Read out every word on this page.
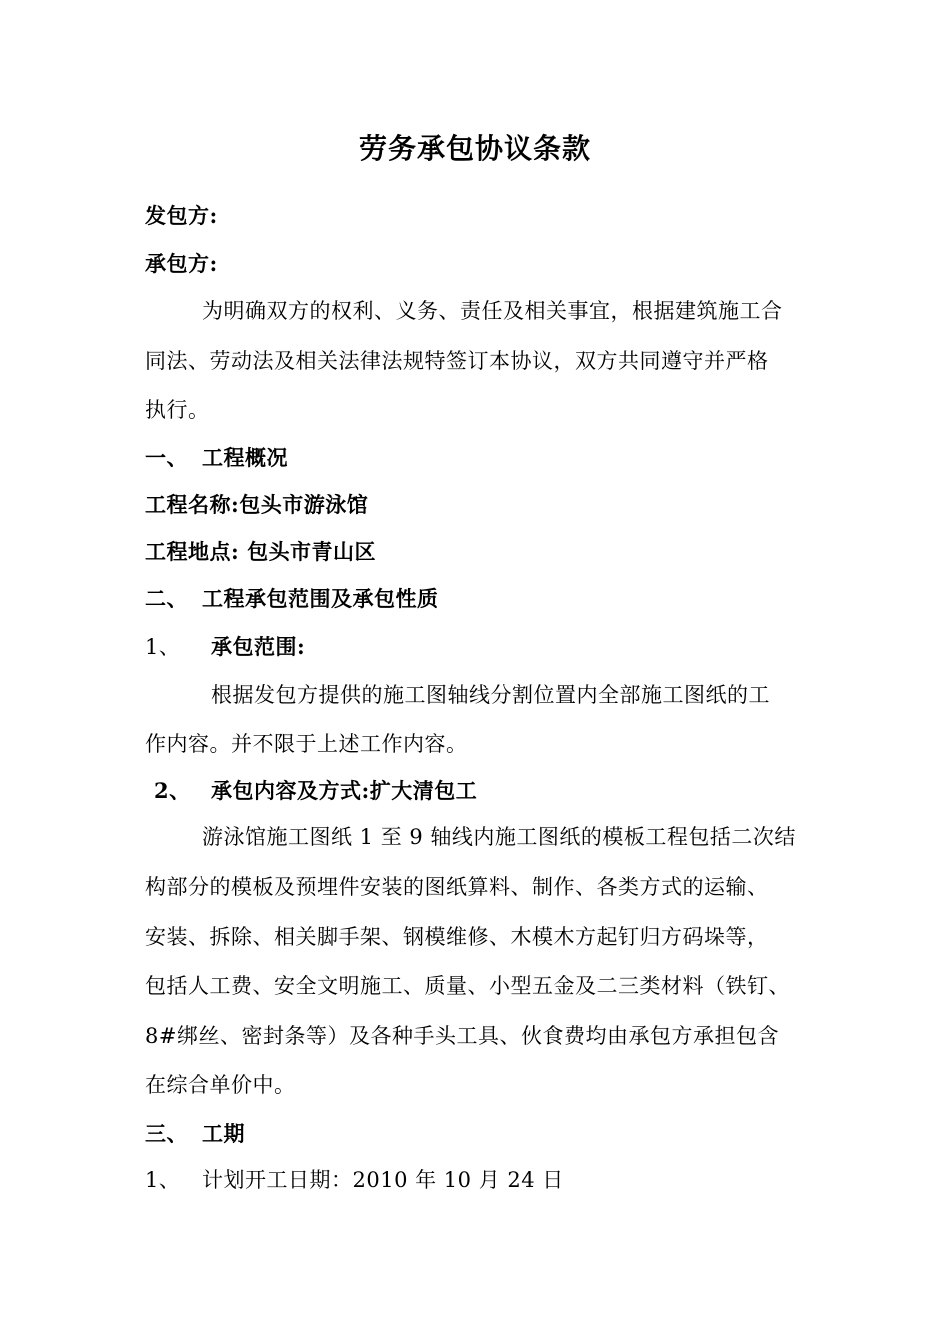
劳务承包协议条款
发包方:
承包方:
为明确双方的权利、义务、责任及相关事宜，根据建筑施工合
同法、劳动法及相关法律法规特签订本协议，双方共同遵守并严格
执行。
一、 工程概况
工程名称:包头市游泳馆
工程地点: 包头市青山区
二、 工程承包范围及承包性质
1、 承包范围:
根据发包方提供的施工图轴线分割位置内全部施工图纸的工
作内容。并不限于上述工作内容。
2、 承包内容及方式:扩大清包工
游泳馆施工图纸 1 至 9 轴线内施工图纸的模板工程包括二次结
构部分的模板及预埋件安装的图纸算料、制作、各类方式的运输、
安装、拆除、相关脚手架、钢模维修、木模木方起钉归方码垛等，
包括人工费、安全文明施工、质量、小型五金及二三类材料（铁钉、
8#绑丝、密封条等）及各种手头工具、伙食费均由承包方承担包含
在综合单价中。
三、 工期
1、 计划开工日期：2010 年 10 月 24 日
